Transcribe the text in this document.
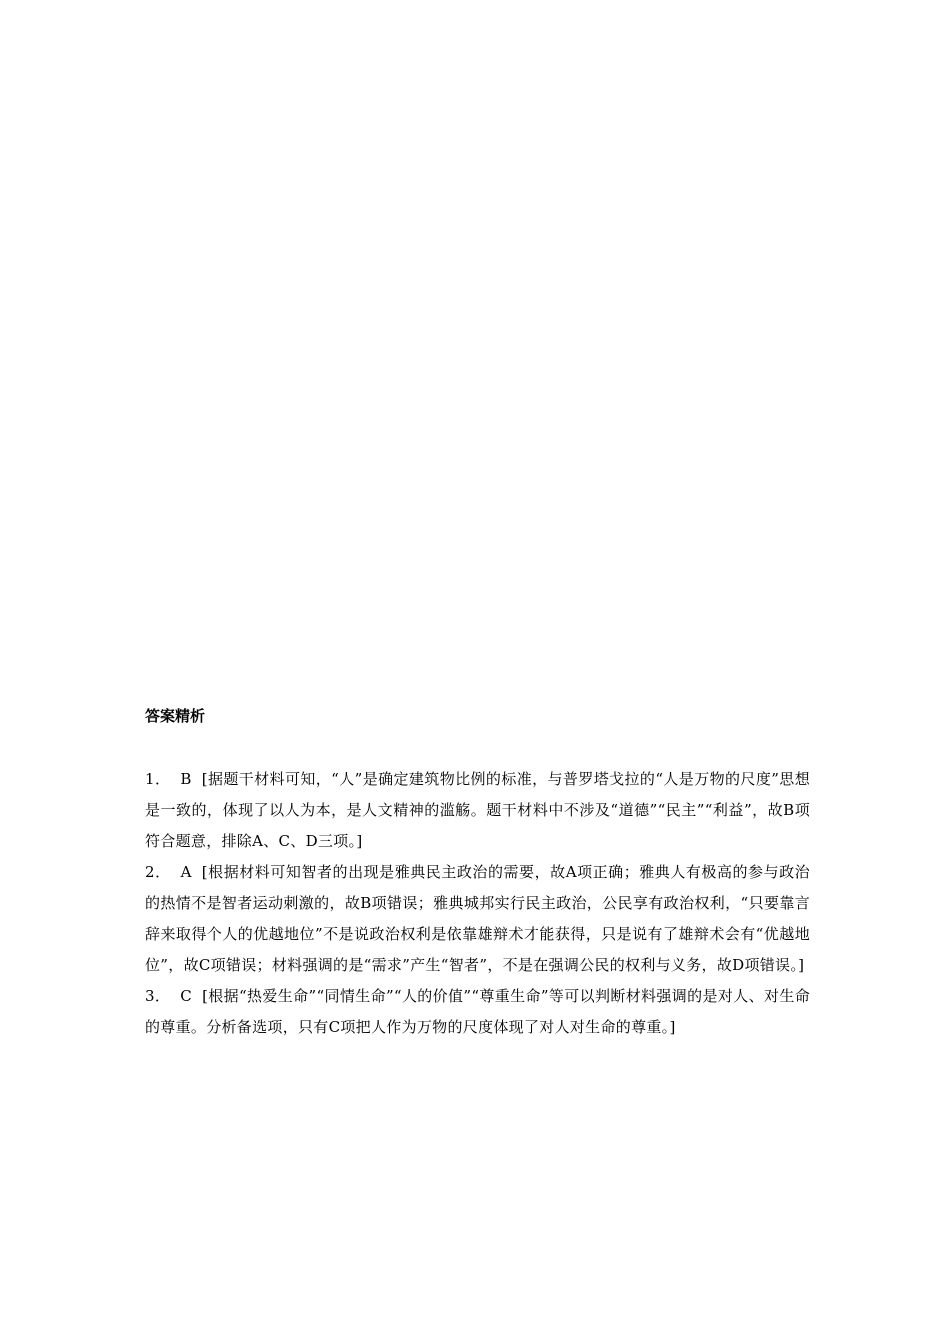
答案精析

1． B [据题干材料可知，“人”是确定建筑物比例的标准，与普罗塔戈拉的“人是万物的尺度”思想是一致的，体现了以人为本，是人文精神的滥觞。题干材料中不涉及“道德”“民主”“利益”，故B项符合题意，排除A、C、D三项。]

2． A [根据材料可知智者的出现是雅典民主政治的需要，故A项正确；雅典人有极高的参与政治的热情不是智者运动刺激的，故B项错误；雅典城邦实行民主政治，公民享有政治权利，“只要靠言辞来取得个人的优越地位”不是说政治权利是依靠雄辩术才能获得，只是说有了雄辩术会有“优越地位”，故C项错误；材料强调的是“需求”产生“智者”，不是在强调公民的权利与义务，故D项错误。]

3． C [根据“热爱生命”“同情生命”“人的价值”“尊重生命”等可以判断材料强调的是对人、对生命的尊重。分析备选项，只有C项把人作为万物的尺度体现了对人对生命的尊重。]
